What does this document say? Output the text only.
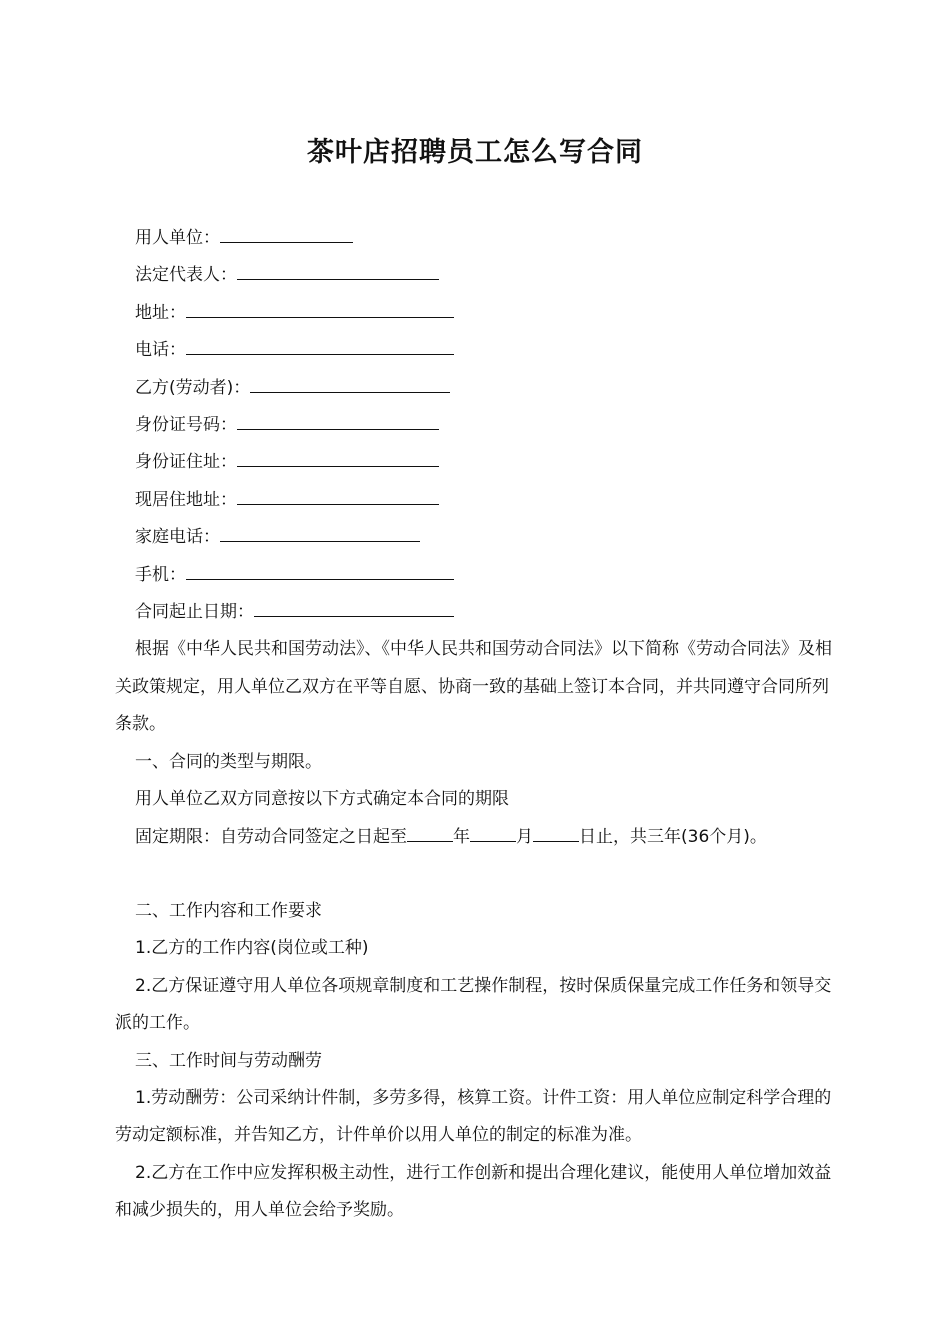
茶叶店招聘员工怎么写合同

用人单位：

法定代表人：

地址：

电话：

乙方(劳动者)：

身份证号码：

身份证住址：

现居住地址：

家庭电话：

手机：

合同起止日期：

根据《中华人民共和国劳动法》、《中华人民共和国劳动合同法》以下简称《劳动合同法》及相关政策规定，用人单位乙双方在平等自愿、协商一致的基础上签订本合同，并共同遵守合同所列条款。

一、合同的类型与期限。

用人单位乙双方同意按以下方式确定本合同的期限

固定期限：自劳动合同签定之日起至	年	月	日止，共三年(36个月)。

二、工作内容和工作要求

1.乙方的工作内容(岗位或工种)

2.乙方保证遵守用人单位各项规章制度和工艺操作制程，按时保质保量完成工作任务和领导交派的工作。

三、工作时间与劳动酬劳

1.劳动酬劳：公司采纳计件制，多劳多得，核算工资。计件工资：用人单位应制定科学合理的劳动定额标准，并告知乙方，计件单价以用人单位的制定的标准为准。

2.乙方在工作中应发挥积极主动性，进行工作创新和提出合理化建议，能使用人单位增加效益和减少损失的，用人单位会给予奖励。
